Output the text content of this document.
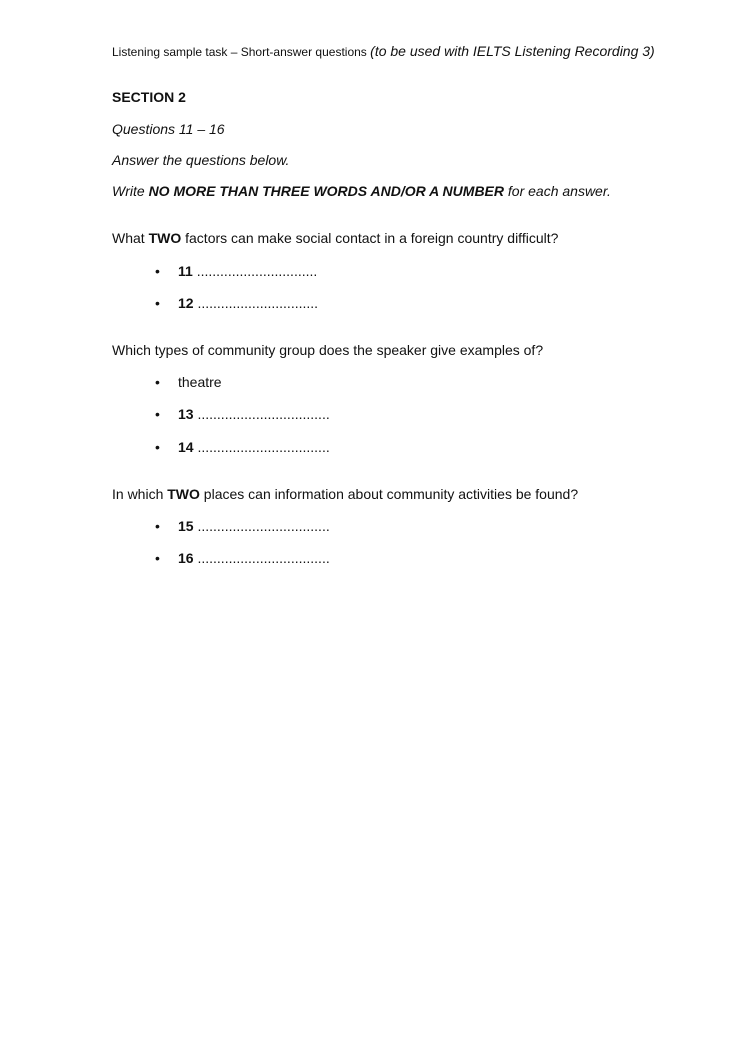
Listening sample task – Short-answer questions (to be used with IELTS Listening Recording 3)
SECTION 2
Questions 11 – 16
Answer the questions below.
Write NO MORE THAN THREE WORDS AND/OR A NUMBER for each answer.
What TWO factors can make social contact in a foreign country difficult?
• 11 ...............................
• 12 ...............................
Which types of community group does the speaker give examples of?
• theatre
• 13 ..................................
• 14 ..................................
In which TWO places can information about community activities be found?
• 15 ..................................
• 16 ..................................
